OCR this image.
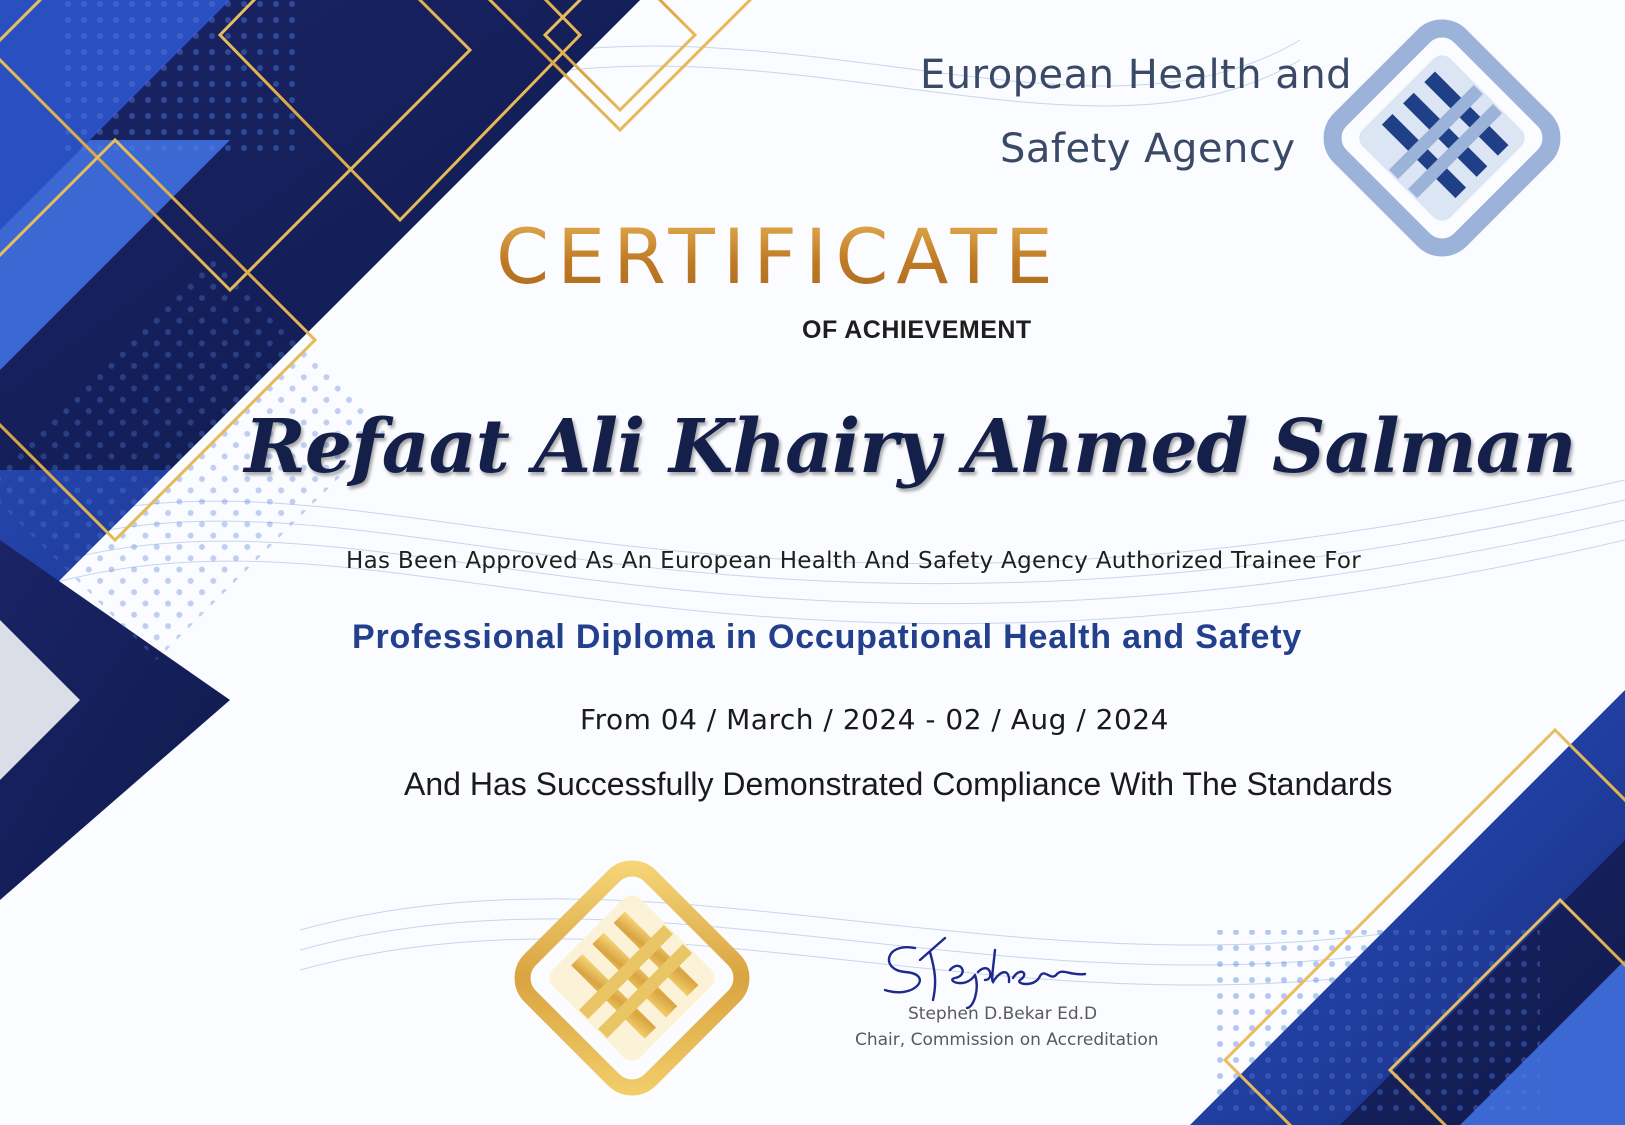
European Health and
Safety Agency
CERTIFICATE
OF ACHIEVEMENT
Refaat Ali Khairy Ahmed Salman
Has Been Approved As An European Health And Safety Agency Authorized Trainee For
Professional Diploma in Occupational Health and Safety
From 04 / March / 2024 - 02 / Aug / 2024
And Has Successfully Demonstrated Compliance With The Standards
Stephen D.Bekar Ed.D
Chair, Commission on Accreditation
